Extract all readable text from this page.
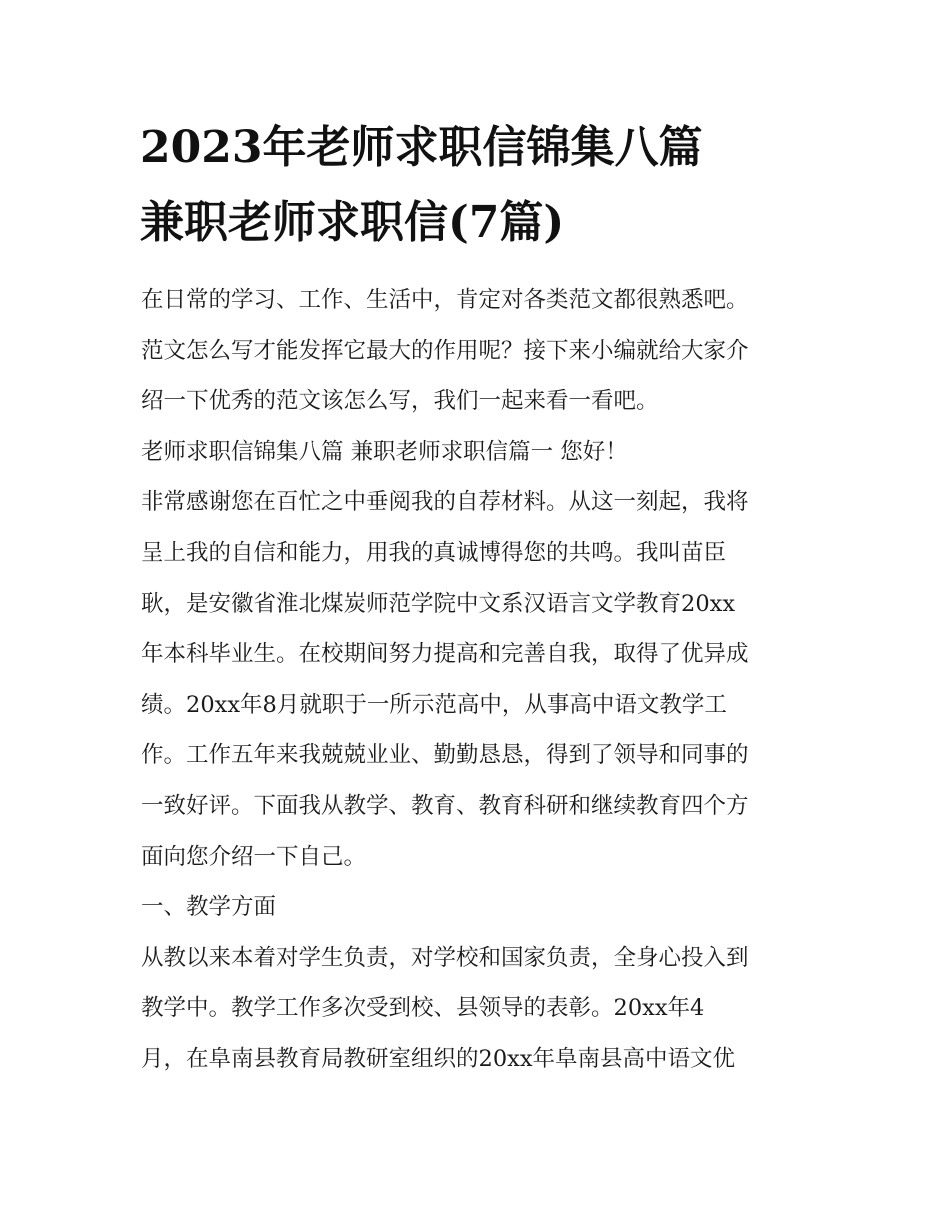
2023年老师求职信锦集八篇
兼职老师求职信(7篇)
在日常的学习、工作、生活中，肯定对各类范文都很熟悉吧。
范文怎么写才能发挥它最大的作用呢？接下来小编就给大家介
绍一下优秀的范文该怎么写，我们一起来看一看吧。
老师求职信锦集八篇 兼职老师求职信篇一 您好！
非常感谢您在百忙之中垂阅我的自荐材料。从这一刻起，我将
呈上我的自信和能力，用我的真诚博得您的共鸣。我叫苗臣
耿，是安徽省淮北煤炭师范学院中文系汉语言文学教育20xx
年本科毕业生。在校期间努力提高和完善自我，取得了优异成
绩。20xx年8月就职于一所示范高中，从事高中语文教学工
作。工作五年来我兢兢业业、勤勤恳恳，得到了领导和同事的
一致好评。下面我从教学、教育、教育科研和继续教育四个方
面向您介绍一下自己。
一、教学方面
从教以来本着对学生负责，对学校和国家负责，全身心投入到
教学中。教学工作多次受到校、县领导的表彰。20xx年4
月，在阜南县教育局教研室组织的20xx年阜南县高中语文优
